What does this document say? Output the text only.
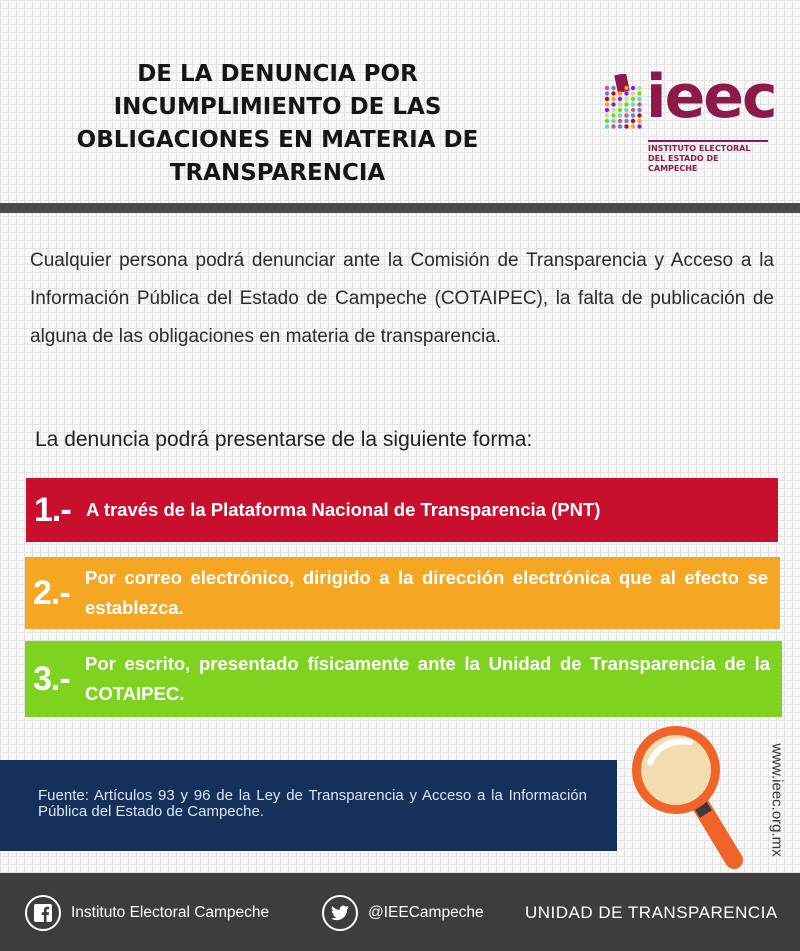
DE LA DENUNCIA POR INCUMPLIMIENTO DE LAS OBLIGACIONES EN MATERIA DE TRANSPARENCIA
ieec
INSTITUTO ELECTORAL DEL ESTADO DE CAMPECHE
Cualquier persona podrá denunciar ante la Comisión de Transparencia y Acceso a la Información Pública del Estado de Campeche (COTAIPEC), la falta de publicación de alguna de las obligaciones en materia de transparencia.
La denuncia podrá presentarse de la siguiente forma:
1.- A través de la Plataforma Nacional de Transparencia (PNT)
2.- Por correo electrónico, dirigido a la dirección electrónica que al efecto se establezca.
3.- Por escrito, presentado físicamente ante la Unidad de Transparencia de la COTAIPEC.
Fuente: Artículos 93 y 96 de la Ley de Transparencia y Acceso a la Información Pública del Estado de Campeche.	www.ieec.org.mx
Instituto Electoral Campeche	@IEECampeche UNIDAD DE TRANSPARENCIA
